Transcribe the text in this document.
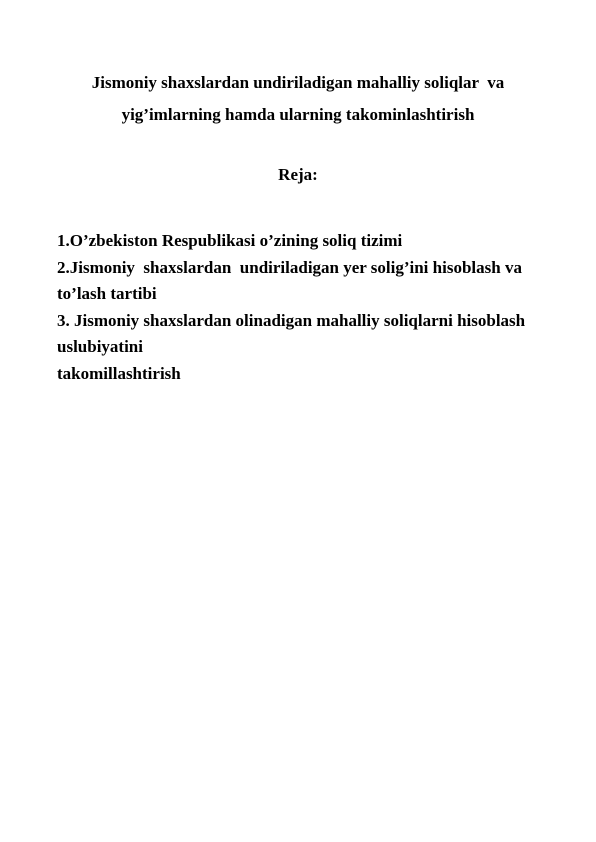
Jismoniy shaxslardan undiriladigan mahalliy soliqlar  va
yig’imlarning hamda ularning takominlashtirish
Reja:
1.O’zbekiston Respublikasi o’zining soliq tizimi
2.Jismoniy  shaxslardan  undiriladigan yer solig’ini hisoblash va
to’lash tartibi
3. Jismoniy shaxslardan olinadigan mahalliy soliqlarni hisoblash
uslubiyatini
takomillashtirish
